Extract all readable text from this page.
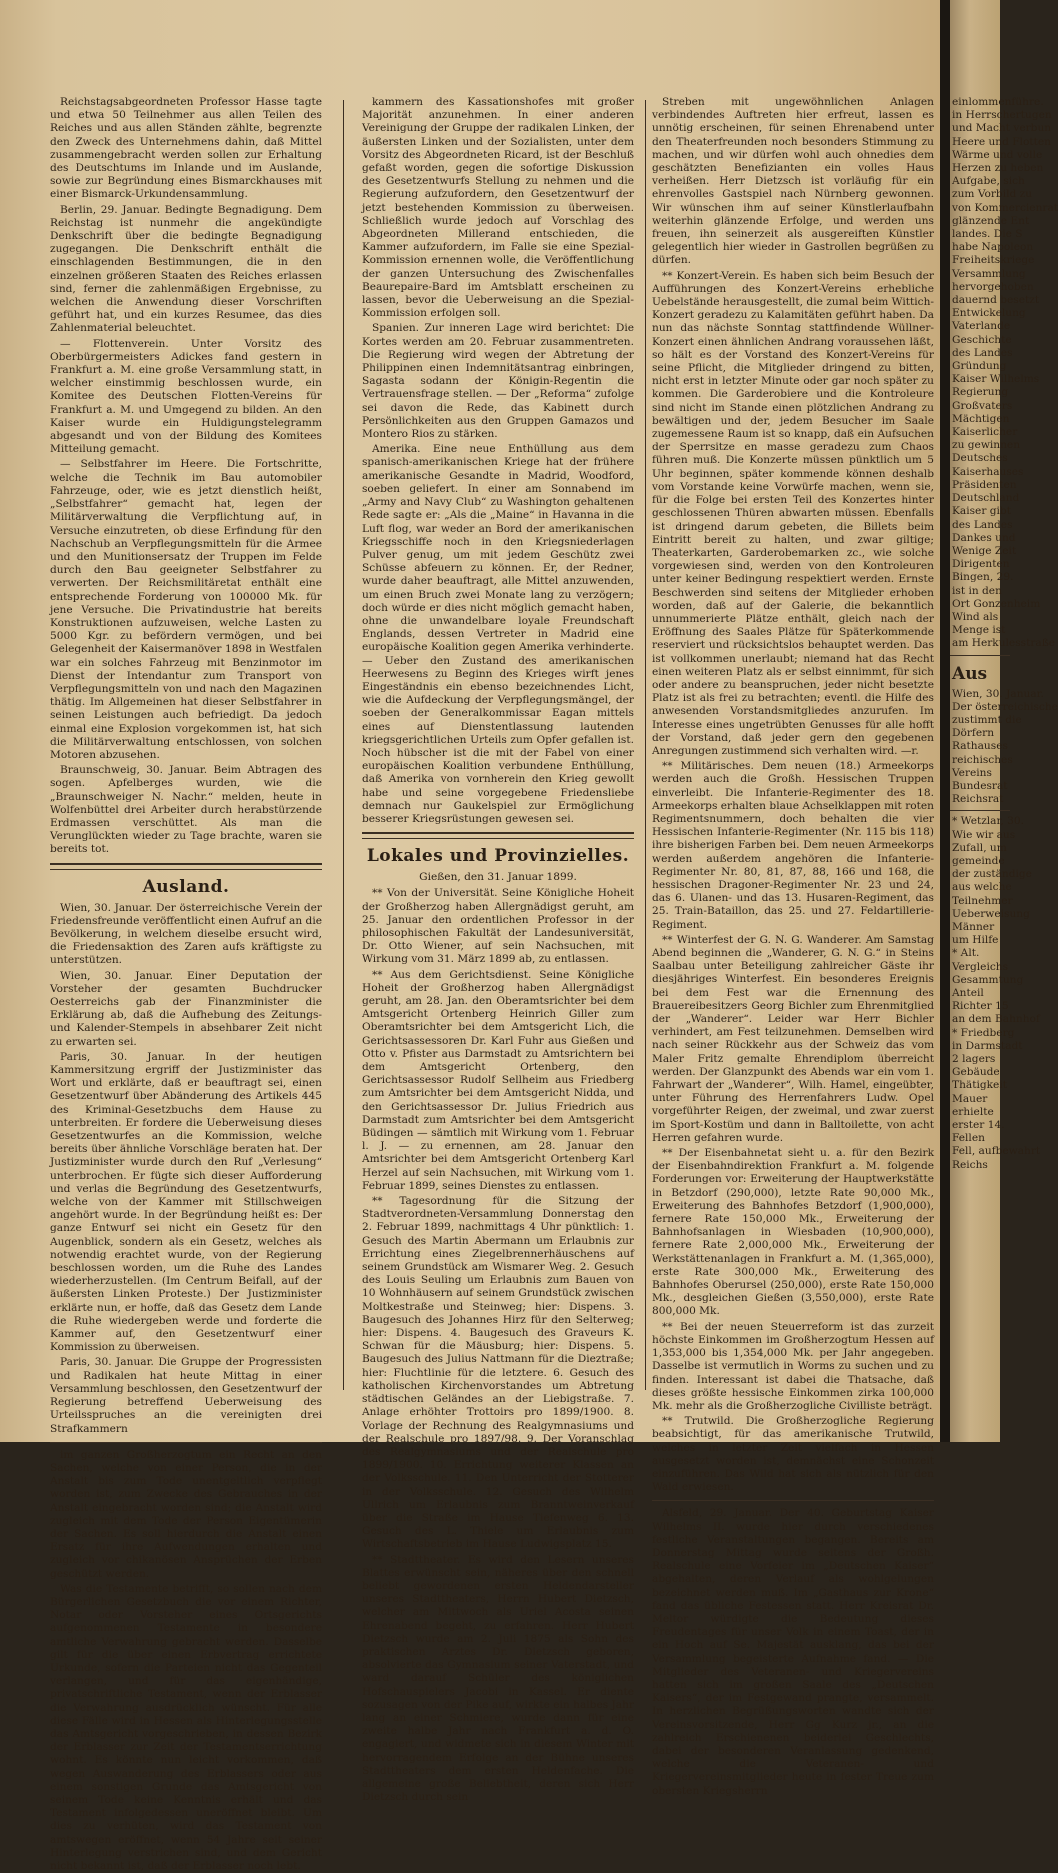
Reichstagsabgeordneten Professor Hasse tagte und etwa 50 Teilnehmer aus allen Teilen des Reiches und aus allen Ständen zählte, begrenzte den Zweck des Unternehmens dahin, daß Mittel zusammengebracht werden sollen zur Erhaltung des Deutschtums im Inlande und im Auslande, sowie zur Begründung eines Bismarckhauses mit einer Bismarck-Urkundensammlung.

Berlin, 29. Januar. Bedingte Begnadigung. Dem Reichstag ist nunmehr die angekündigte Denkschrift über die bedingte Begnadigung zugegangen. Die Denkschrift enthält die einschlagenden Bestimmungen, die in den einzelnen größeren Staaten des Reiches erlassen sind, ferner die zahlenmäßigen Ergebnisse, zu welchen die Anwendung dieser Vorschriften geführt hat, und ein kurzes Resumee, das dies Zahlenmaterial beleuchtet.

— Flottenverein. Unter Vorsitz des Oberbürgermeisters Adickes fand gestern in Frankfurt a. M. eine große Versammlung statt, in welcher einstimmig beschlossen wurde, ein Komitee des Deutschen Flotten-Vereins für Frankfurt a. M. und Umgegend zu bilden. An den Kaiser wurde ein Huldigungstelegramm abgesandt und von der Bildung des Komitees Mitteilung gemacht.

— Selbstfahrer im Heere. Die Fortschritte, welche die Technik im Bau automobiler Fahrzeuge, oder, wie es jetzt dienstlich heißt, „Selbstfahrer“ gemacht hat, legen der Militärverwaltung die Verpflichtung auf, in Versuche einzutreten, ob diese Erfindung für den Nachschub an Verpflegungsmitteln für die Armee und den Munitionsersatz der Truppen im Felde durch den Bau geeigneter Selbstfahrer zu verwerten. Der Reichsmilitäretat enthält eine entsprechende Forderung von 100000 Mk. für jene Versuche. Die Privatindustrie hat bereits Konstruktionen aufzuweisen, welche Lasten zu 5000 Kgr. zu befördern vermögen, und bei Gelegenheit der Kaisermanöver 1898 in Westfalen war ein solches Fahrzeug mit Benzinmotor im Dienst der Intendantur zum Transport von Verpflegungsmitteln von und nach den Magazinen thätig. Im Allgemeinen hat dieser Selbstfahrer in seinen Leistungen auch befriedigt. Da jedoch einmal eine Explosion vorgekommen ist, hat sich die Militärverwaltung entschlossen, von solchen Motoren abzusehen.

Braunschweig, 30. Januar. Beim Abtragen des sogen. Apfelberges wurden, wie die „Braunschweiger N. Nachr.“ melden, heute in Wolfenbüttel drei Arbeiter durch herabstürzende Erdmassen verschüttet. Als man die Verunglückten wieder zu Tage brachte, waren sie bereits tot.

Ausland.

Wien, 30. Januar. Der österreichische Verein der Friedensfreunde veröffentlicht einen Aufruf an die Bevölkerung, in welchem dieselbe ersucht wird, die Friedensaktion des Zaren aufs kräftigste zu unterstützen.

Wien, 30. Januar. Einer Deputation der Vorsteher der gesamten Buchdrucker Oesterreichs gab der Finanzminister die Erklärung ab, daß die Aufhebung des Zeitungs- und Kalender-Stempels in absehbarer Zeit nicht zu erwarten sei.

Paris, 30. Januar. In der heutigen Kammersitzung ergriff der Justizminister das Wort und erklärte, daß er beauftragt sei, einen Gesetzentwurf über Abänderung des Artikels 445 des Kriminal-Gesetzbuchs dem Hause zu unterbreiten. Er fordere die Ueberweisung dieses Gesetzentwurfes an die Kommission, welche bereits über ähnliche Vorschläge beraten hat. Der Justizminister wurde durch den Ruf „Verlesung“ unterbrochen. Er fügte sich dieser Aufforderung und verlas die Begründung des Gesetzentwurfs, welche von der Kammer mit Stillschweigen angehört wurde. In der Begründung heißt es: Der ganze Entwurf sei nicht ein Gesetz für den Augenblick, sondern als ein Gesetz, welches als notwendig erachtet wurde, von der Regierung beschlossen worden, um die Ruhe des Landes wiederherzustellen. (Im Centrum Beifall, auf der äußersten Linken Proteste.) Der Justizminister erklärte nun, er hoffe, daß das Gesetz dem Lande die Ruhe wiedergeben werde und forderte die Kammer auf, den Gesetzentwurf einer Kommission zu überweisen.

Paris, 30. Januar. Die Gruppe der Progressisten und Radikalen hat heute Mittag in einer Versammlung beschlossen, den Gesetzentwurf der Regierung betreffend Ueberweisung des Urteilsspruches an die vereinigten drei Strafkammern

im ganzen Großherzogtum ein Recht an den Sachen, welche von einer Person, die in der Anstalt bis zum Tode unentgeltlich verpflegt worden ist, zum Zwecke des Gebrauches in der Anstalt eingebracht worden sind; die Anstalt wird zugleich mit dem Tode der Person Eigentümerin der Sachen. Es soll hierdurch die Anstalt einen Ersatz für ihre Aufwendungen erhalten und zugleich vor chikanösen Ansprüchen der Erben geschützt werden.

Was die Testamente betrifft, so sollen nach dem Bürgerlichen Gesetzbuch die vor einem Richter, Notar oder Vorsteher eines Ortsgerichts aufgenommenen Testamente in besondere amtliche Verwahrung gebracht werden. Dasselbe gilt für die über einen Erbvertrag errichtete Urkunde, sofern die Parteien nicht das Gegenteil verlangen, und für das eigenhändige, privatschriftliche Testament, wenn der Erblasser die Verwahrung ausdrücklich wünscht. Für alle diese Fälle wird in Hessen als Hinterlegungsstelle das Amtsgericht vorgeschrieben, in dessen Bezirk der Erblasser zur Zeit der Testamentserrichtung wohnt. Es könnte nun leicht vorkommen, daß wegen Auswanderung des Erblassers oder aus einem sonstigen Grunde das Amtsgericht von seinem Tode keine Kenntnis erhält und das Testament infolgedessen uneröffnet bleibt. Um dies zu verhüten, wird das Testament von amtswegen eröffnet, wenn 54 Jahre seit seiner Hinterlegung verstrichen sind, und dem Gericht nicht bekannt ist, daß der Erblasser noch lebt.

kammern des Kassationshofes mit großer Majorität anzunehmen. In einer anderen Vereinigung der Gruppe der radikalen Linken, der äußersten Linken und der Sozialisten, unter dem Vorsitz des Abgeordneten Ricard, ist der Beschluß gefaßt worden, gegen die sofortige Diskussion des Gesetzentwurfs Stellung zu nehmen und die Regierung aufzufordern, den Gesetzentwurf der jetzt bestehenden Kommission zu überweisen. Schließlich wurde jedoch auf Vorschlag des Abgeordneten Millerand entschieden, die Kammer aufzufordern, im Falle sie eine Spezial-Kommission ernennen wolle, die Veröffentlichung der ganzen Untersuchung des Zwischenfalles Beaurepaire-Bard im Amtsblatt erscheinen zu lassen, bevor die Ueberweisung an die Spezial-Kommission erfolgen soll.

Spanien. Zur inneren Lage wird berichtet: Die Kortes werden am 20. Februar zusammentreten. Die Regierung wird wegen der Abtretung der Philippinen einen Indemnitätsantrag einbringen, Sagasta sodann der Königin-Regentin die Vertrauensfrage stellen. — Der „Reforma“ zufolge sei davon die Rede, das Kabinett durch Persönlichkeiten aus den Gruppen Gamazos und Montero Rios zu stärken.

Amerika. Eine neue Enthüllung aus dem spanisch-amerikanischen Kriege hat der frühere amerikanische Gesandte in Madrid, Woodford, soeben geliefert. In einer am Sonnabend im „Army and Navy Club“ zu Washington gehaltenen Rede sagte er: „Als die „Maine“ in Havanna in die Luft flog, war weder an Bord der amerikanischen Kriegsschiffe noch in den Kriegsniederlagen Pulver genug, um mit jedem Geschütz zwei Schüsse abfeuern zu können. Er, der Redner, wurde daher beauftragt, alle Mittel anzuwenden, um einen Bruch zwei Monate lang zu verzögern; doch würde er dies nicht möglich gemacht haben, ohne die unwandelbare loyale Freundschaft Englands, dessen Vertreter in Madrid eine europäische Koalition gegen Amerika verhinderte. — Ueber den Zustand des amerikanischen Heerwesens zu Beginn des Krieges wirft jenes Eingeständnis ein ebenso bezeichnendes Licht, wie die Aufdeckung der Verpflegungsmängel, der soeben der Generalkommissar Eagan mittels eines auf Dienstentlassung lautenden kriegsgerichtlichen Urteils zum Opfer gefallen ist. Noch hübscher ist die mit der Fabel von einer europäischen Koalition verbundene Enthüllung, daß Amerika von vornherein den Krieg gewollt habe und seine vorgegebene Friedensliebe demnach nur Gaukelspiel zur Ermöglichung besserer Kriegsrüstungen gewesen sei.

Lokales und Provinzielles.

Gießen, den 31. Januar 1899.

** Von der Universität. Seine Königliche Hoheit der Großherzog haben Allergnädigst geruht, am 25. Januar den ordentlichen Professor in der philosophischen Fakultät der Landesuniversität, Dr. Otto Wiener, auf sein Nachsuchen, mit Wirkung vom 31. März 1899 ab, zu entlassen.

** Aus dem Gerichtsdienst. Seine Königliche Hoheit der Großherzog haben Allergnädigst geruht, am 28. Jan. den Oberamtsrichter bei dem Amtsgericht Ortenberg Heinrich Giller zum Oberamtsrichter bei dem Amtsgericht Lich, die Gerichtsassessoren Dr. Karl Fuhr aus Gießen und Otto v. Pfister aus Darmstadt zu Amtsrichtern bei dem Amtsgericht Ortenberg, den Gerichtsassessor Rudolf Sellheim aus Friedberg zum Amtsrichter bei dem Amtsgericht Nidda, und den Gerichtsassessor Dr. Julius Friedrich aus Darmstadt zum Amtsrichter bei dem Amtsgericht Büdingen — sämtlich mit Wirkung vom 1. Februar l. J. — zu ernennen, am 28. Januar den Amtsrichter bei dem Amtsgericht Ortenberg Karl Herzel auf sein Nachsuchen, mit Wirkung vom 1. Februar 1899, seines Dienstes zu entlassen.

** Tagesordnung für die Sitzung der Stadtverordneten-Versammlung Donnerstag den 2. Februar 1899, nachmittags 4 Uhr pünktlich: 1. Gesuch des Martin Abermann um Erlaubnis zur Errichtung eines Ziegelbrennerhäuschens auf seinem Grundstück am Wismarer Weg. 2. Gesuch des Louis Seuling um Erlaubnis zum Bauen von 10 Wohnhäusern auf seinem Grundstück zwischen Moltkestraße und Steinweg; hier: Dispens. 3. Baugesuch des Johannes Hirz für den Selterweg; hier: Dispens. 4. Baugesuch des Graveurs K. Schwan für die Mäusburg; hier: Dispens. 5. Baugesuch des Julius Nattmann für die Dieztraße; hier: Fluchtlinie für die letztere. 6. Gesuch des katholischen Kirchenvorstandes um Abtretung städtischen Geländes an der Liebigstraße. 7. Anlage erhöhter Trottoirs pro 1899/1900. 8. Vorlage der Rechnung des Realgymnasiums und der Realschule pro 1897/98. 9. Der Voranschlag des Realgymnasiums und der Realschule pro 1899/1900. 10. Errichtung weiterer Klassen an der Volksschule. 11. Den Unterricht der Stotterer in der Volksschule. 12. Gesuch des Wilhelm Ullrich um Erlaubnis zum Branntweinverkauf über die Straße im Hause Tiefenweg 6. 13. Gesuch des L. Thiele um Erlaubnis zum Wirtschaftsbetrieb im Hause Ludwigsplatz 15.

** Stadttheater. Es wird den Lesern unseres Blattes erwünscht sein, näheres über den schnell beliebt gewordenen ersten Heldendarsteller unseres Stadttheaters, Herrn Hubert Dietzsch, welcher am Mittwoch als Uriel Acosta seinen Ehrenabend begeht, zu erfahren. Herr Hubert Dietzsch wurde am 2. Juli 1875 als Sohn des praktischen Arztes Dr. Dietzsch geboren, absolvierte das Gymnasium seiner Vaterstadt, und ward darauf Schüler des königlichen Hofschauspielers Jacobi in Kassel. Er diente sozusagen von der Pike auf, wirkte ein halbes Jahr lang an einer Schmiere, wurde dann für eine zweite halbe Jahr nach Frankfurt a. d. O. engagiert, und widmete sich in diesem Winter mit hervorragendem Erfolge an der Bühne unseres Stadttheaters dem ersten Heldenfache. Die allgemeine große Beliebtheit, deren sich Herr Dietzsch durch sein

Streben mit ungewöhnlichen Anlagen verbindendes Auftreten hier erfreut, lassen es unnötig erscheinen, für seinen Ehrenabend unter den Theaterfreunden noch besonders Stimmung zu machen, und wir dürfen wohl auch ohnedies dem geschätzten Benefizianten ein volles Haus verheißen. Herr Dietzsch ist vorläufig für ein ehrenvolles Gastspiel nach Nürnberg gewonnen. Wir wünschen ihm auf seiner Künstlerlaufbahn weiterhin glänzende Erfolge, und werden uns freuen, ihn seinerzeit als ausgereiften Künstler gelegentlich hier wieder in Gastrollen begrüßen zu dürfen.

** Konzert-Verein. Es haben sich beim Besuch der Aufführungen des Konzert-Vereins erhebliche Uebelstände herausgestellt, die zumal beim Wittich-Konzert geradezu zu Kalamitäten geführt haben. Da nun das nächste Sonntag stattfindende Wüllner-Konzert einen ähnlichen Andrang voraussehen läßt, so hält es der Vorstand des Konzert-Vereins für seine Pflicht, die Mitglieder dringend zu bitten, nicht erst in letzter Minute oder gar noch später zu kommen. Die Garderobiere und die Kontroleure sind nicht im Stande einen plötzlichen Andrang zu bewältigen und der, jedem Besucher im Saale zugemessene Raum ist so knapp, daß ein Aufsuchen der Sperrsitze en masse geradezu zum Chaos führen muß. Die Konzerte müssen pünktlich um 5 Uhr beginnen, später kommende können deshalb vom Vorstande keine Vorwürfe machen, wenn sie, für die Folge bei ersten Teil des Konzertes hinter geschlossenen Thüren abwarten müssen. Ebenfalls ist dringend darum gebeten, die Billets beim Eintritt bereit zu halten, und zwar giltige; Theaterkarten, Garderobemarken zc., wie solche vorgewiesen sind, werden von den Kontroleuren unter keiner Bedingung respektiert werden. Ernste Beschwerden sind seitens der Mitglieder erhoben worden, daß auf der Galerie, die bekanntlich unnummerierte Plätze enthält, gleich nach der Eröffnung des Saales Plätze für Späterkommende reserviert und rücksichtslos behauptet werden. Das ist vollkommen unerlaubt; niemand hat das Recht einen weiteren Platz als er selbst einnimmt, für sich oder andere zu beanspruchen, jeder nicht besetzte Platz ist als frei zu betrachten; eventl. die Hilfe des anwesenden Vorstandsmitgliedes anzurufen. Im Interesse eines ungetrübten Genusses für alle hofft der Vorstand, daß jeder gern den gegebenen Anregungen zustimmend sich verhalten wird. —r.

** Militärisches. Dem neuen (18.) Armeekorps werden auch die Großh. Hessischen Truppen einverleibt. Die Infanterie-Regimenter des 18. Armeekorps erhalten blaue Achselklappen mit roten Regimentsnummern, doch behalten die vier Hessischen Infanterie-Regimenter (Nr. 115 bis 118) ihre bisherigen Farben bei. Dem neuen Armeekorps werden außerdem angehören die Infanterie-Regimenter Nr. 80, 81, 87, 88, 166 und 168, die hessischen Dragoner-Regimenter Nr. 23 und 24, das 6. Ulanen- und das 13. Husaren-Regiment, das 25. Train-Bataillon, das 25. und 27. Feldartillerie-Regiment.

** Winterfest der G. N. G. Wanderer. Am Samstag Abend beginnen die „Wanderer, G. N. G.“ in Steins Saalbau unter Beteiligung zahlreicher Gäste ihr diesjähriges Winterfest. Ein besonderes Ereignis bei dem Fest war die Ernennung des Brauereibesitzers Georg Bichler zum Ehrenmitglied der „Wanderer“. Leider war Herr Bichler verhindert, am Fest teilzunehmen. Demselben wird nach seiner Rückkehr aus der Schweiz das vom Maler Fritz gemalte Ehrendiplom überreicht werden. Der Glanzpunkt des Abends war ein vom 1. Fahrwart der „Wanderer“, Wilh. Hamel, eingeübter, unter Führung des Herrenfahrers Ludw. Opel vorgeführter Reigen, der zweimal, und zwar zuerst im Sport-Kostüm und dann in Balltoilette, von acht Herren gefahren wurde.

** Der Eisenbahnetat sieht u. a. für den Bezirk der Eisenbahndirektion Frankfurt a. M. folgende Forderungen vor: Erweiterung der Hauptwerkstätte in Betzdorf (290,000), letzte Rate 90,000 Mk., Erweiterung des Bahnhofes Betzdorf (1,900,000), fernere Rate 150,000 Mk., Erweiterung der Bahnhofsanlagen in Wiesbaden (10,900,000), fernere Rate 2,000,000 Mk., Erweiterung der Werkstättenanlagen in Frankfurt a. M. (1,365,000), erste Rate 300,000 Mk., Erweiterung des Bahnhofes Oberursel (250,000), erste Rate 150,000 Mk., desgleichen Gießen (3,550,000), erste Rate 800,000 Mk.

** Bei der neuen Steuerreform ist das zurzeit höchste Einkommen im Großherzogtum Hessen auf 1,353,000 bis 1,354,000 Mk. per Jahr angegeben. Dasselbe ist vermutlich in Worms zu suchen und zu finden. Interessant ist dabei die Thatsache, daß dieses größte hessische Einkommen zirka 100,000 Mk. mehr als die Großherzogliche Civilliste beträgt.

** Trutwild. Die Großherzogliche Regierung beabsichtigt, für das amerikanische Trutwild, welches in letzter Zeit vielfach in Hessen ausgesetzt worden ist, demnächst eine Schonzeit einzuführen. Das Wild hat sich als nützlich für den Wald erwiesen.

Alsfeld, 29. Januar. Der 40. Geburtstag Kaiser Wilhelms II. wurde hier durch verschiedenes festliche Veranstaltungen begangen. Bereits am Donnerstag Mittag wurde seitens der Großh. Realschule eine Vorfeier im „Deutschen Kaiser“ abgehalten, deren Verlauf als wohlgelungen bezeichnet werden muß. Im „Gasthaus zur Krone“ fand das übliche Festessen statt. Herr Kreisrat Dr. Meltor würdigte die Bedeutung dieses Freudentages für unser Volk in einem Toast, der in ein Hoch auf Se. Majestät ausklang, das bei der Versammlung begeisterte Aufnahme fand. — Die Mitglieder des Veteranen- und Kriegervereins hatten sich im großen Saale des „Deutschen Kaisers“, der im Festgewand prangte, versammelt. In herzlichen Begrüßungsworten wandte sich der Vereinsvorsitzende, Herr Gg Kurz jr., an die zahlreich Erschienenen beiderlei Geschlechts, dabei der besonderen Veranlassung gedenkend, welche die Veteranen- und Kriegervereinsmitglieder heute in fester Treue zum obersten Kriegsherrn

einlommenführe.
in Herrschertugen
und Macht verbun
Heere und Flotten
Wärme und volle
Herzen zu heben
Aufgabe, sich
zum Vorbild zu
von Kommercienrat
glänzende Ent
landes. Die S
habe Napoleon
Freiheitskriege
Versammlung
hervorgehoben
dauernd besetzt
Entwickelung
Vaterlande
Geschichte
des Landes
Gründung
Kaiser Wilhelms
Regierung
Großvaters
Mächtigen
Kaiserlicher
zu gewinnen
Deutsches
Kaiserhauses
Präsidenten
Deutschland
Kaiser gibt
des Landes
Dankes und
Wenige Zeit
Dirigenten
Bingen, 29.
ist in den
Ort Gonzenheim
Wind als
Menge ist
am Herkulesstraße
Aus
Wien, 30. Januar.
Der österreichische
zustimmt die
Dörfern
Rathauses
reichisches
Vereins
Bundesrat
Reichsrat
* Wetzlar, 30.
Wie wir aus
Zufall, um
gemeinde
der zuständige
aus welche
Teilnehmer
Ueberweisung
Männer
um Hilfe
* Alt.
Vergleichs
Gesammtung
Anteil
Richter 15
an dem Bahnhof
* Friedberg
in Darmstadt
2 lagers
Gebäude
Thätigkeit
Mauer
erhielte
erster 14.
Fellen
Fell, aufbewahrt
Reichs
